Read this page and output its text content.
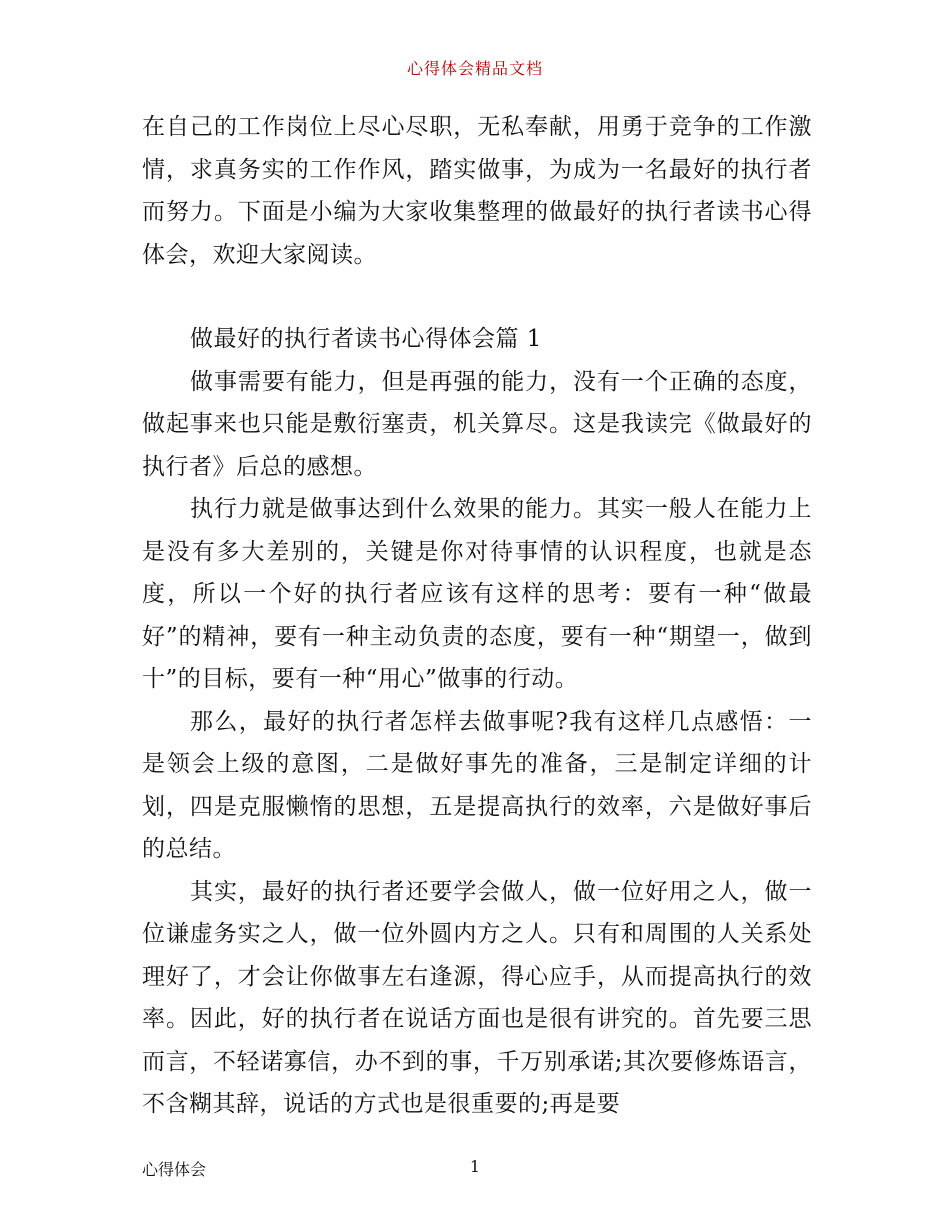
心得体会精品文档

在自己的工作岗位上尽心尽职，无私奉献，用勇于竞争的工作激情，求真务实的工作作风，踏实做事，为成为一名最好的执行者而努力。下面是小编为大家收集整理的做最好的执行者读书心得体会，欢迎大家阅读。

做最好的执行者读书心得体会篇 1

做事需要有能力，但是再强的能力，没有一个正确的态度，做起事来也只能是敷衍塞责，机关算尽。这是我读完《做最好的执行者》后总的感想。

执行力就是做事达到什么效果的能力。其实一般人在能力上是没有多大差别的，关键是你对待事情的认识程度，也就是态度，所以一个好的执行者应该有这样的思考：要有一种“做最好”的精神，要有一种主动负责的态度，要有一种“期望一，做到十”的目标，要有一种“用心”做事的行动。

那么，最好的执行者怎样去做事呢?我有这样几点感悟：一是领会上级的意图，二是做好事先的准备，三是制定详细的计划，四是克服懒惰的思想，五是提高执行的效率，六是做好事后的总结。

其实，最好的执行者还要学会做人，做一位好用之人，做一位谦虚务实之人，做一位外圆内方之人。只有和周围的人关系处理好了，才会让你做事左右逢源，得心应手，从而提高执行的效率。因此，好的执行者在说话方面也是很有讲究的。首先要三思而言，不轻诺寡信，办不到的事，千万别承诺;其次要修炼语言，不含糊其辞，说话的方式也是很重要的;再是要

心得体会	1
